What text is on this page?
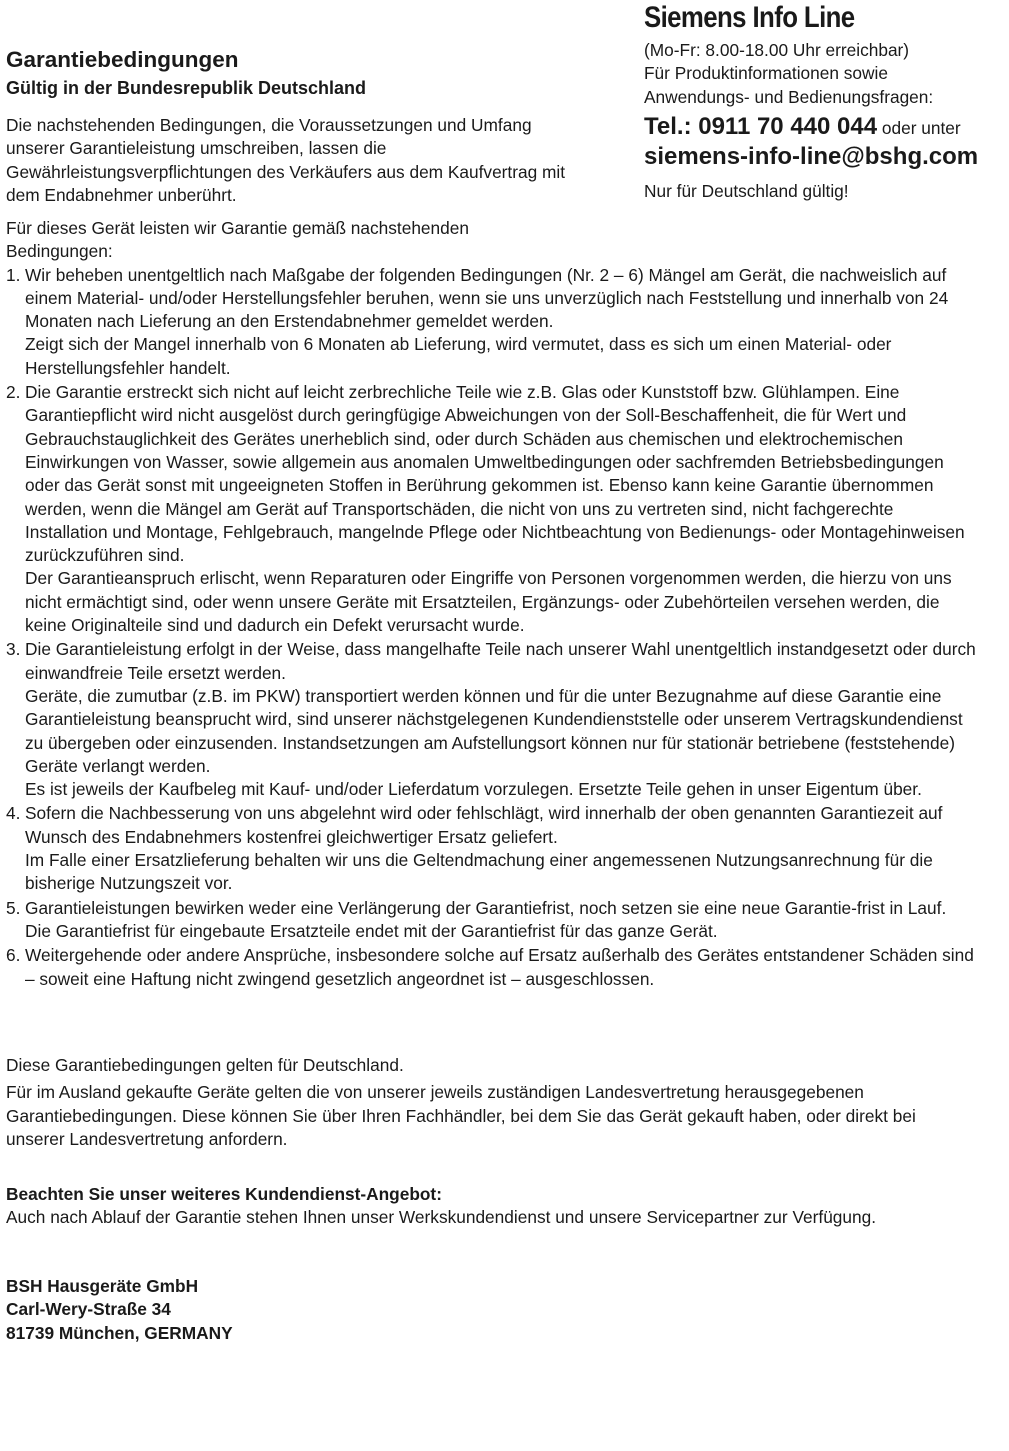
Garantiebedingungen
Gültig in der Bundesrepublik Deutschland

Die nachstehenden Bedingungen, die Voraussetzungen und Umfang unserer Garantieleistung umschreiben, lassen die Gewährleistungsverpflichtungen des Verkäufers aus dem Kaufvertrag mit dem Endabnehmer unberührt.

Siemens Info Line
(Mo-Fr: 8.00-18.00 Uhr erreichbar)
Für Produktinformationen sowie
Anwendungs- und Bedienungsfragen:
Tel.: 0911 70 440 044 oder unter
siemens-info-line@bshg.com
Nur für Deutschland gültig!

Für dieses Gerät leisten wir Garantie gemäß nachstehenden Bedingungen:

1. Wir beheben unentgeltlich nach Maßgabe der folgenden Bedingungen (Nr. 2 – 6) Mängel am Gerät, die nachweislich auf einem Material- und/oder Herstellungsfehler beruhen, wenn sie uns unverzüglich nach Feststellung und innerhalb von 24 Monaten nach Lieferung an den Erstendabnehmer gemeldet werden.

Zeigt sich der Mangel innerhalb von 6 Monaten ab Lieferung, wird vermutet, dass es sich um einen Material- oder Herstellungsfehler handelt.

2. Die Garantie erstreckt sich nicht auf leicht zerbrechliche Teile wie z.B. Glas oder Kunststoff bzw. Glühlampen. Eine Garantiepflicht wird nicht ausgelöst durch geringfügige Abweichungen von der Soll-Beschaffenheit, die für Wert und Gebrauchstauglichkeit des Gerätes unerheblich sind, oder durch Schäden aus chemischen und elektrochemischen Einwirkungen von Wasser, sowie allgemein aus anomalen Umweltbedingungen oder sachfremden Betriebsbedingungen oder das Gerät sonst mit ungeeigneten Stoffen in Berührung gekommen ist. Ebenso kann keine Garantie übernommen werden, wenn die Mängel am Gerät auf Transportschäden, die nicht von uns zu vertreten sind, nicht fachgerechte Installation und Montage, Fehlgebrauch, mangelnde Pflege oder Nichtbeachtung von Bedienungs- oder Montagehinweisen zurückzuführen sind.

Der Garantieanspruch erlischt, wenn Reparaturen oder Eingriffe von Personen vorgenommen werden, die hierzu von uns nicht ermächtigt sind, oder wenn unsere Geräte mit Ersatzteilen, Ergänzungs- oder Zubehörteilen versehen werden, die keine Originalteile sind und dadurch ein Defekt verursacht wurde.

3. Die Garantieleistung erfolgt in der Weise, dass mangelhafte Teile nach unserer Wahl unentgeltlich instandgesetzt oder durch einwandfreie Teile ersetzt werden.

Geräte, die zumutbar (z.B. im PKW) transportiert werden können und für die unter Bezugnahme auf diese Garantie eine Garantieleistung beansprucht wird, sind unserer nächstgelegenen Kundendienststelle oder unserem Vertragskundendienst zu übergeben oder einzusenden. Instandsetzungen am Aufstellungsort können nur für stationär betriebene (feststehende) Geräte verlangt werden.

Es ist jeweils der Kaufbeleg mit Kauf- und/oder Lieferdatum vorzulegen. Ersetzte Teile gehen in unser Eigentum über.

4. Sofern die Nachbesserung von uns abgelehnt wird oder fehlschlägt, wird innerhalb der oben genannten Garantiezeit auf Wunsch des Endabnehmers kostenfrei gleichwertiger Ersatz geliefert.

Im Falle einer Ersatzlieferung behalten wir uns die Geltendmachung einer angemessenen Nutzungsanrechnung für die bisherige Nutzungszeit vor.

5. Garantieleistungen bewirken weder eine Verlängerung der Garantiefrist, noch setzen sie eine neue Garantie-frist in Lauf. Die Garantiefrist für eingebaute Ersatzteile endet mit der Garantiefrist für das ganze Gerät.

6. Weitergehende oder andere Ansprüche, insbesondere solche auf Ersatz außerhalb des Gerätes entstandener Schäden sind – soweit eine Haftung nicht zwingend gesetzlich angeordnet ist – ausgeschlossen.

Diese Garantiebedingungen gelten für Deutschland.

Für im Ausland gekaufte Geräte gelten die von unserer jeweils zuständigen Landesvertretung herausgegebenen Garantiebedingungen. Diese können Sie über Ihren Fachhändler, bei dem Sie das Gerät gekauft haben, oder direkt bei unserer Landesvertretung anfordern.

Beachten Sie unser weiteres Kundendienst-Angebot:

Auch nach Ablauf der Garantie stehen Ihnen unser Werkskundendienst und unsere Servicepartner zur Verfügung.

BSH Hausgeräte GmbH

Carl-Wery-Straße 34

81739 München, GERMANY
